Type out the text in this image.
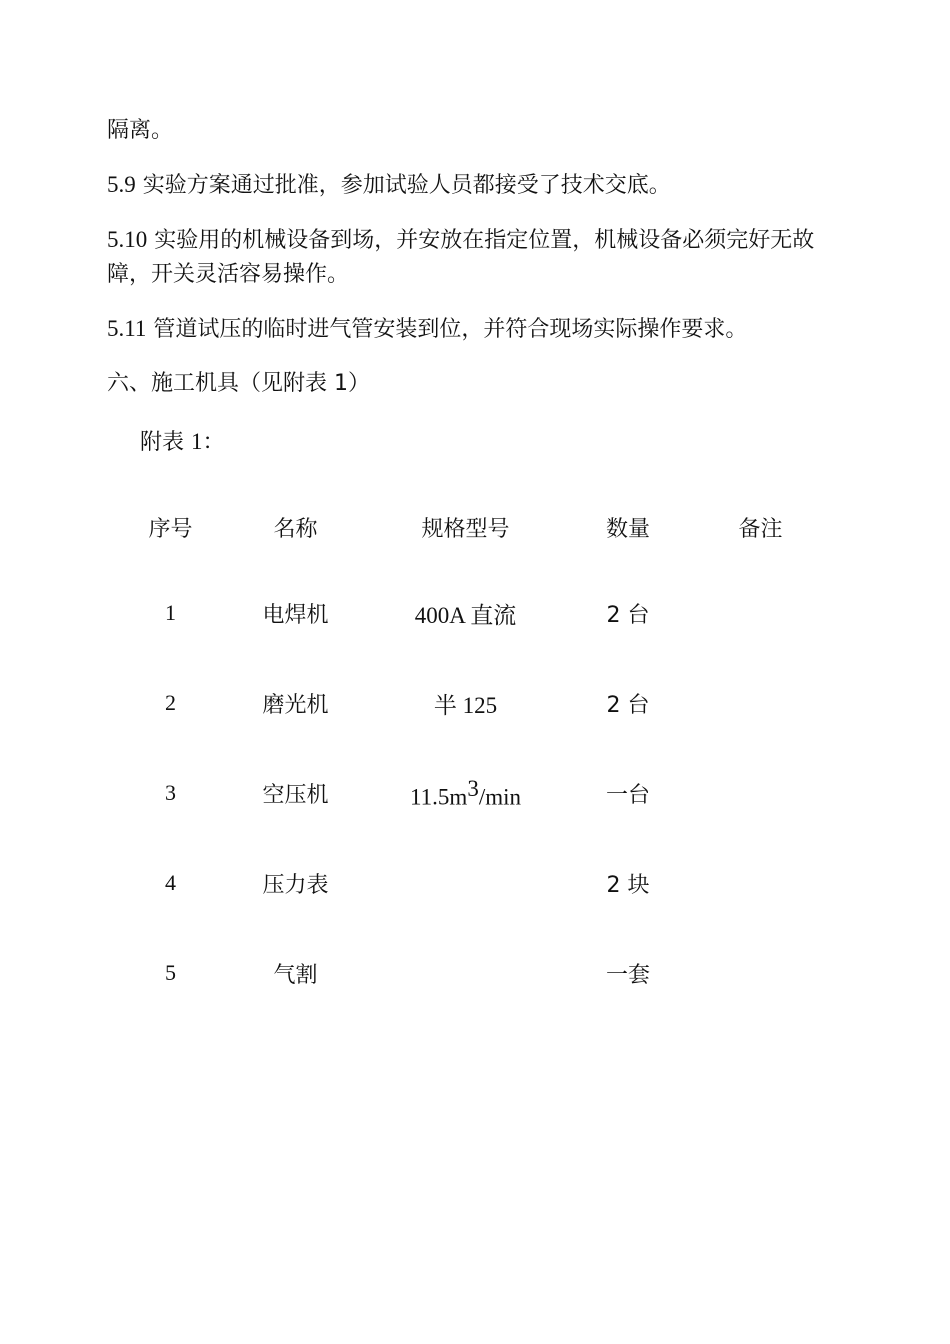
隔离。

5.9 实验方案通过批准，参加试验人员都接受了技术交底。

5.10 实验用的机械设备到场，并安放在指定位置，机械设备必须完好无故障，开关灵活容易操作。

5.11 管道试压的临时进气管安装到位，并符合现场实际操作要求。

六、施工机具（见附表 1）

附表 1：

序号	名称	规格型号	数量	备注
1	电焊机	400A 直流	2 台	
2	磨光机	半 125	2 台	
3	空压机	$11.5m^3/\min$	一台	
4	压力表		2 块	
5	气割		一套	
